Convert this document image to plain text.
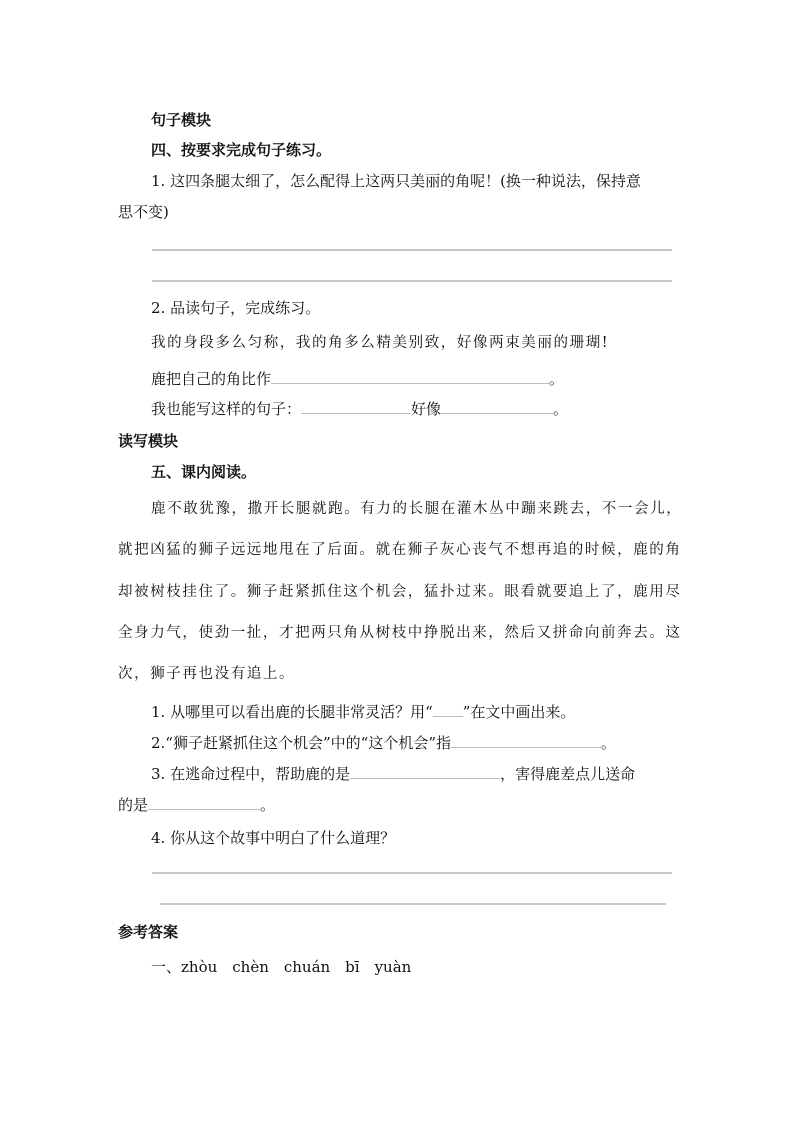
句子模块
四、按要求完成句子练习。
1. 这四条腿太细了，怎么配得上这两只美丽的角呢！(换一种说法，保持意
思不变)
2. 品读句子，完成练习。
我的身段多么匀称，我的角多么精美别致，好像两束美丽的珊瑚!
鹿把自己的角比作	。
我也能写这样的句子：	好像	。
读写模块
五、课内阅读。
鹿不敢犹豫，撒开长腿就跑。有力的长腿在灌木丛中蹦来跳去，不一会儿，
就把凶猛的狮子远远地甩在了后面。就在狮子灰心丧气不想再追的时候，鹿的角
却被树枝挂住了。狮子赶紧抓住这个机会，猛扑过来。眼看就要追上了，鹿用尽
全身力气，使劲一扯，才把两只角从树枝中挣脱出来，然后又拼命向前奔去。这
次，狮子再也没有追上。
1. 从哪里可以看出鹿的长腿非常灵活？用“ ”在文中画出来。
2.“狮子赶紧抓住这个机会”中的“这个机会”指	。
3. 在逃命过程中，帮助鹿的是	，害得鹿差点儿送命
的是	。
4. 你从这个故事中明白了什么道理？
参考答案
一、zhòu　chèn　chuán　bī　yuàn
